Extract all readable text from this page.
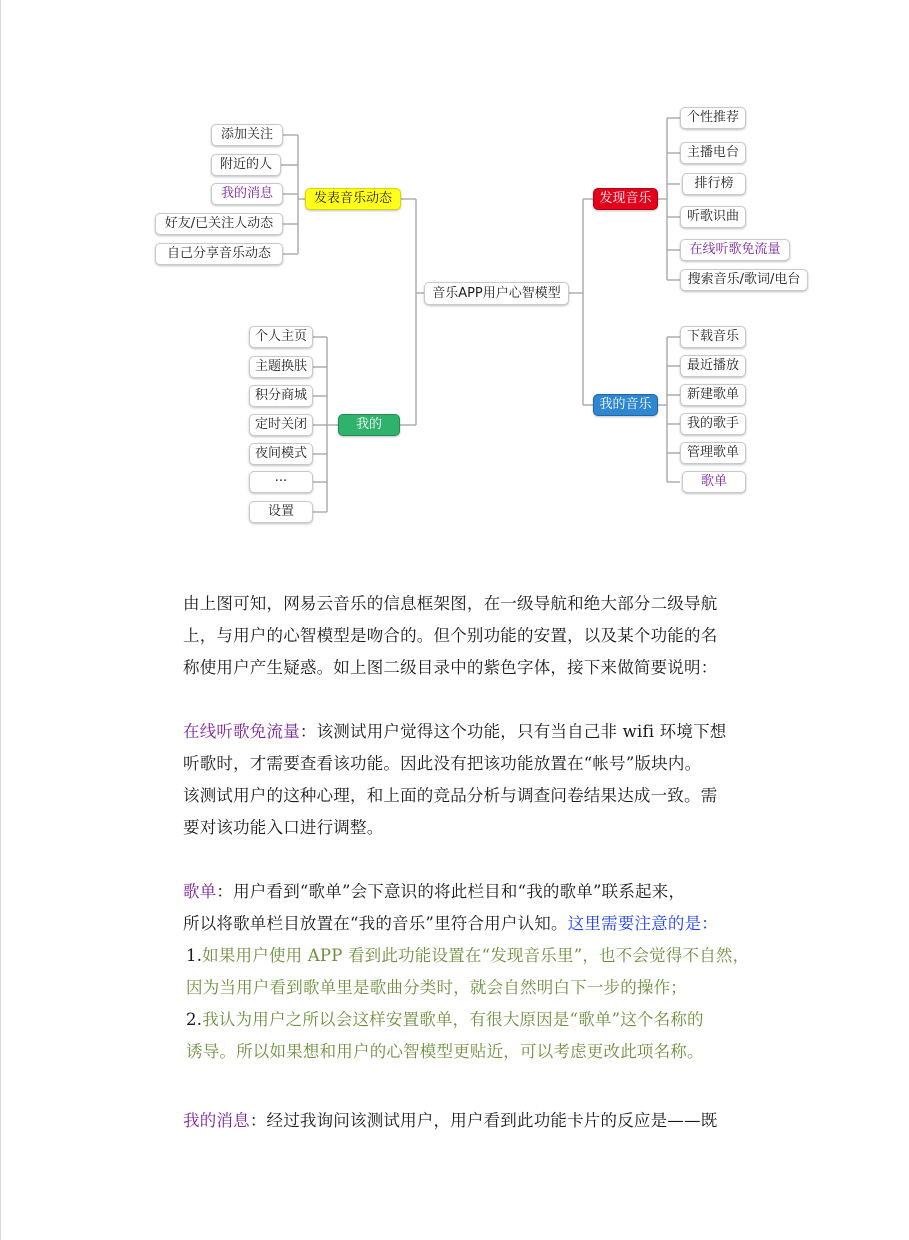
音乐APP用户心智模型
发表音乐动态
添加关注
附近的人
我的消息
好友/已关注人动态
自己分享音乐动态
我的
个人主页
主题换肤
积分商城
定时关闭
夜间模式
···
设置
发现音乐
个性推荐
主播电台
排行榜
听歌识曲
在线听歌免流量
搜索音乐/歌词/电台
我的音乐
下载音乐
最近播放
新建歌单
我的歌手
管理歌单
歌单

由上图可知，网易云音乐的信息框架图，在一级导航和绝大部分二级导航

上，与用户的心智模型是吻合的。但个别功能的安置，以及某个功能的名

称使用户产生疑惑。如上图二级目录中的紫色字体，接下来做简要说明：

在线听歌免流量：该测试用户觉得这个功能，只有当自己非 wifi 环境下想

听歌时，才需要查看该功能。因此没有把该功能放置在“帐号”版块内。

该测试用户的这种心理，和上面的竞品分析与调查问卷结果达成一致。需

要对该功能入口进行调整。

歌单：用户看到“歌单”会下意识的将此栏目和“我的歌单”联系起来，

所以将歌单栏目放置在“我的音乐”里符合用户认知。这里需要注意的是：

1.如果用户使用 APP 看到此功能设置在“发现音乐里”，也不会觉得不自然，

因为当用户看到歌单里是歌曲分类时，就会自然明白下一步的操作；

2.我认为用户之所以会这样安置歌单，有很大原因是“歌单”这个名称的

诱导。所以如果想和用户的心智模型更贴近，可以考虑更改此项名称。

我的消息：经过我询问该测试用户，用户看到此功能卡片的反应是——既
